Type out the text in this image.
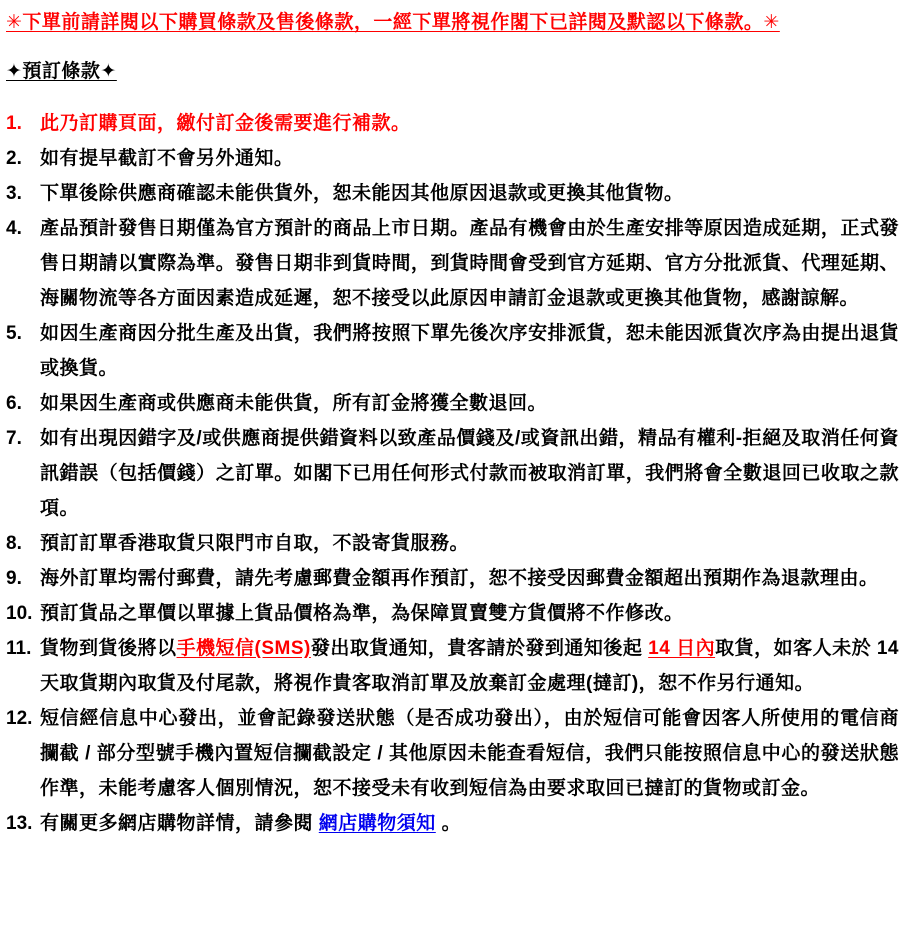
✳下單前請詳閱以下購買條款及售後條款，一經下單將視作閣下已詳閱及默認以下條款。✳
✦預訂條款✦
1. 此乃訂購頁面，繳付訂金後需要進行補款。
2. 如有提早截訂不會另外通知。
3. 下單後除供應商確認未能供貨外，恕未能因其他原因退款或更換其他貨物。
4. 產品預計發售日期僅為官方預計的商品上市日期。產品有機會由於生產安排等原因造成延期，正式發售日期請以實際為準。發售日期非到貨時間，到貨時間會受到官方延期、官方分批派貨、代理延期、海關物流等各方面因素造成延遲，恕不接受以此原因申請訂金退款或更換其他貨物，感謝諒解。
5. 如因生產商因分批生產及出貨，我們將按照下單先後次序安排派貨，恕未能因派貨次序為由提出退貨或換貨。
6. 如果因生產商或供應商未能供貨，所有訂金將獲全數退回。
7. 如有出現因錯字及/或供應商提供錯資料以致產品價錢及/或資訊出錯，精品有權利-拒絕及取消任何資訊錯誤（包括價錢）之訂單。如閣下已用任何形式付款而被取消訂單，我們將會全數退回已收取之款項。
8. 預訂訂單香港取貨只限門市自取，不設寄貨服務。
9. 海外訂單均需付郵費，請先考慮郵費金額再作預訂，恕不接受因郵費金額超出預期作為退款理由。
10. 預訂貨品之單價以單據上貨品價格為準，為保障買賣雙方貨價將不作修改。
11. 貨物到貨後將以手機短信(SMS)發出取貨通知，貴客請於發到通知後起 14 日內取貨，如客人未於 14 天取貨期內取貨及付尾款，將視作貴客取消訂單及放棄訂金處理(撻訂)，恕不作另行通知。
12. 短信經信息中心發出，並會記錄發送狀態（是否成功發出），由於短信可能會因客人所使用的電信商攔截 / 部分型號手機內置短信攔截設定 / 其他原因未能查看短信，我們只能按照信息中心的發送狀態作準，未能考慮客人個別情況，恕不接受未有收到短信為由要求取回已撻訂的貨物或訂金。
13. 有關更多網店購物詳情，請參閱 網店購物須知 。
